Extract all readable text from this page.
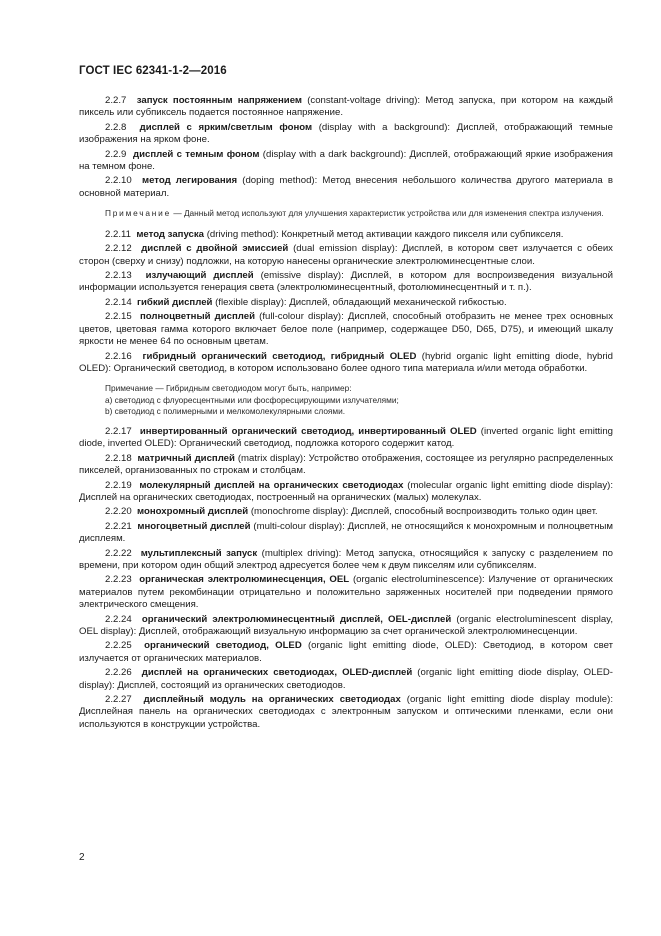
ГОСТ IEC 62341-1-2—2016

2.2.7 запуск постоянным напряжением (constant-voltage driving): Метод запуска, при котором на каждый пиксель или субпиксель подается постоянное напряжение.

2.2.8 дисплей с ярким/светлым фоном (display with a background): Дисплей, отображающий темные изображения на ярком фоне.

2.2.9 дисплей с темным фоном (display with a dark background): Дисплей, отображающий яркие изображения на темном фоне.

2.2.10 метод легирования (doping method): Метод внесения небольшого количества другого материала в основной материал.

Примечание — Данный метод используют для улучшения характеристик устройства или для изменения спектра излучения.

2.2.11 метод запуска (driving method): Конкретный метод активации каждого пикселя или субпикселя.

2.2.12 дисплей с двойной эмиссией (dual emission display): Дисплей, в котором свет излучается с обеих сторон (сверху и снизу) подложки, на которую нанесены органические электролюминесцентные слои.

2.2.13 излучающий дисплей (emissive display): Дисплей, в котором для воспроизведения визуальной информации используется генерация света (электролюминесцентный, фотолюминесцентный и т. п.).

2.2.14 гибкий дисплей (flexible display): Дисплей, обладающий механической гибкостью.

2.2.15 полноцветный дисплей (full-colour display): Дисплей, способный отобразить не менее трех основных цветов, цветовая гамма которого включает белое поле (например, содержащее D50, D65, D75), и имеющий шкалу яркости не менее 64 по основным цветам.

2.2.16 гибридный органический светодиод, гибридный OLED (hybrid organic light emitting diode, hybrid OLED): Органический светодиод, в котором использовано более одного типа материала и/или метода обработки.

Примечание — Гибридным светодиодом могут быть, например:
а) светодиод с флуоресцентными или фосфоресцирующими излучателями;
b) светодиод с полимерными и мелкомолекулярными слоями.

2.2.17 инвертированный органический светодиод, инвертированный OLED (inverted organic light emitting diode, inverted OLED): Органический светодиод, подложка которого содержит катод.

2.2.18 матричный дисплей (matrix display): Устройство отображения, состоящее из регулярно распределенных пикселей, организованных по строкам и столбцам.

2.2.19 молекулярный дисплей на органических светодиодах (molecular organic light emitting diode display): Дисплей на органических светодиодах, построенный на органических (малых) молекулах.

2.2.20 монохромный дисплей (monochrome display): Дисплей, способный воспроизводить только один цвет.

2.2.21 многоцветный дисплей (multi-colour display): Дисплей, не относящийся к монохромным и полноцветным дисплеям.

2.2.22 мультиплексный запуск (multiplex driving): Метод запуска, относящийся к запуску с разделением по времени, при котором один общий электрод адресуется более чем к двум пикселям или субпикселям.

2.2.23 органическая электролюминесценция, OEL (organic electroluminescence): Излучение от органических материалов путем рекомбинации отрицательно и положительно заряженных носителей при подведении прямого электрического смещения.

2.2.24 органический электролюминесцентный дисплей, OEL-дисплей (organic electroluminescent display, OEL display): Дисплей, отображающий визуальную информацию за счет органической электролюминесценции.

2.2.25 органический светодиод, OLED (organic light emitting diode, OLED): Светодиод, в котором свет излучается от органических материалов.

2.2.26 дисплей на органических светодиодах, OLED-дисплей (organic light emitting diode display, OLED-display): Дисплей, состоящий из органических светодиодов.

2.2.27 дисплейный модуль на органических светодиодах (organic light emitting diode display module): Дисплейная панель на органических светодиодах с электронным запуском и оптическими пленками, если они используются в конструкции устройства.

2
